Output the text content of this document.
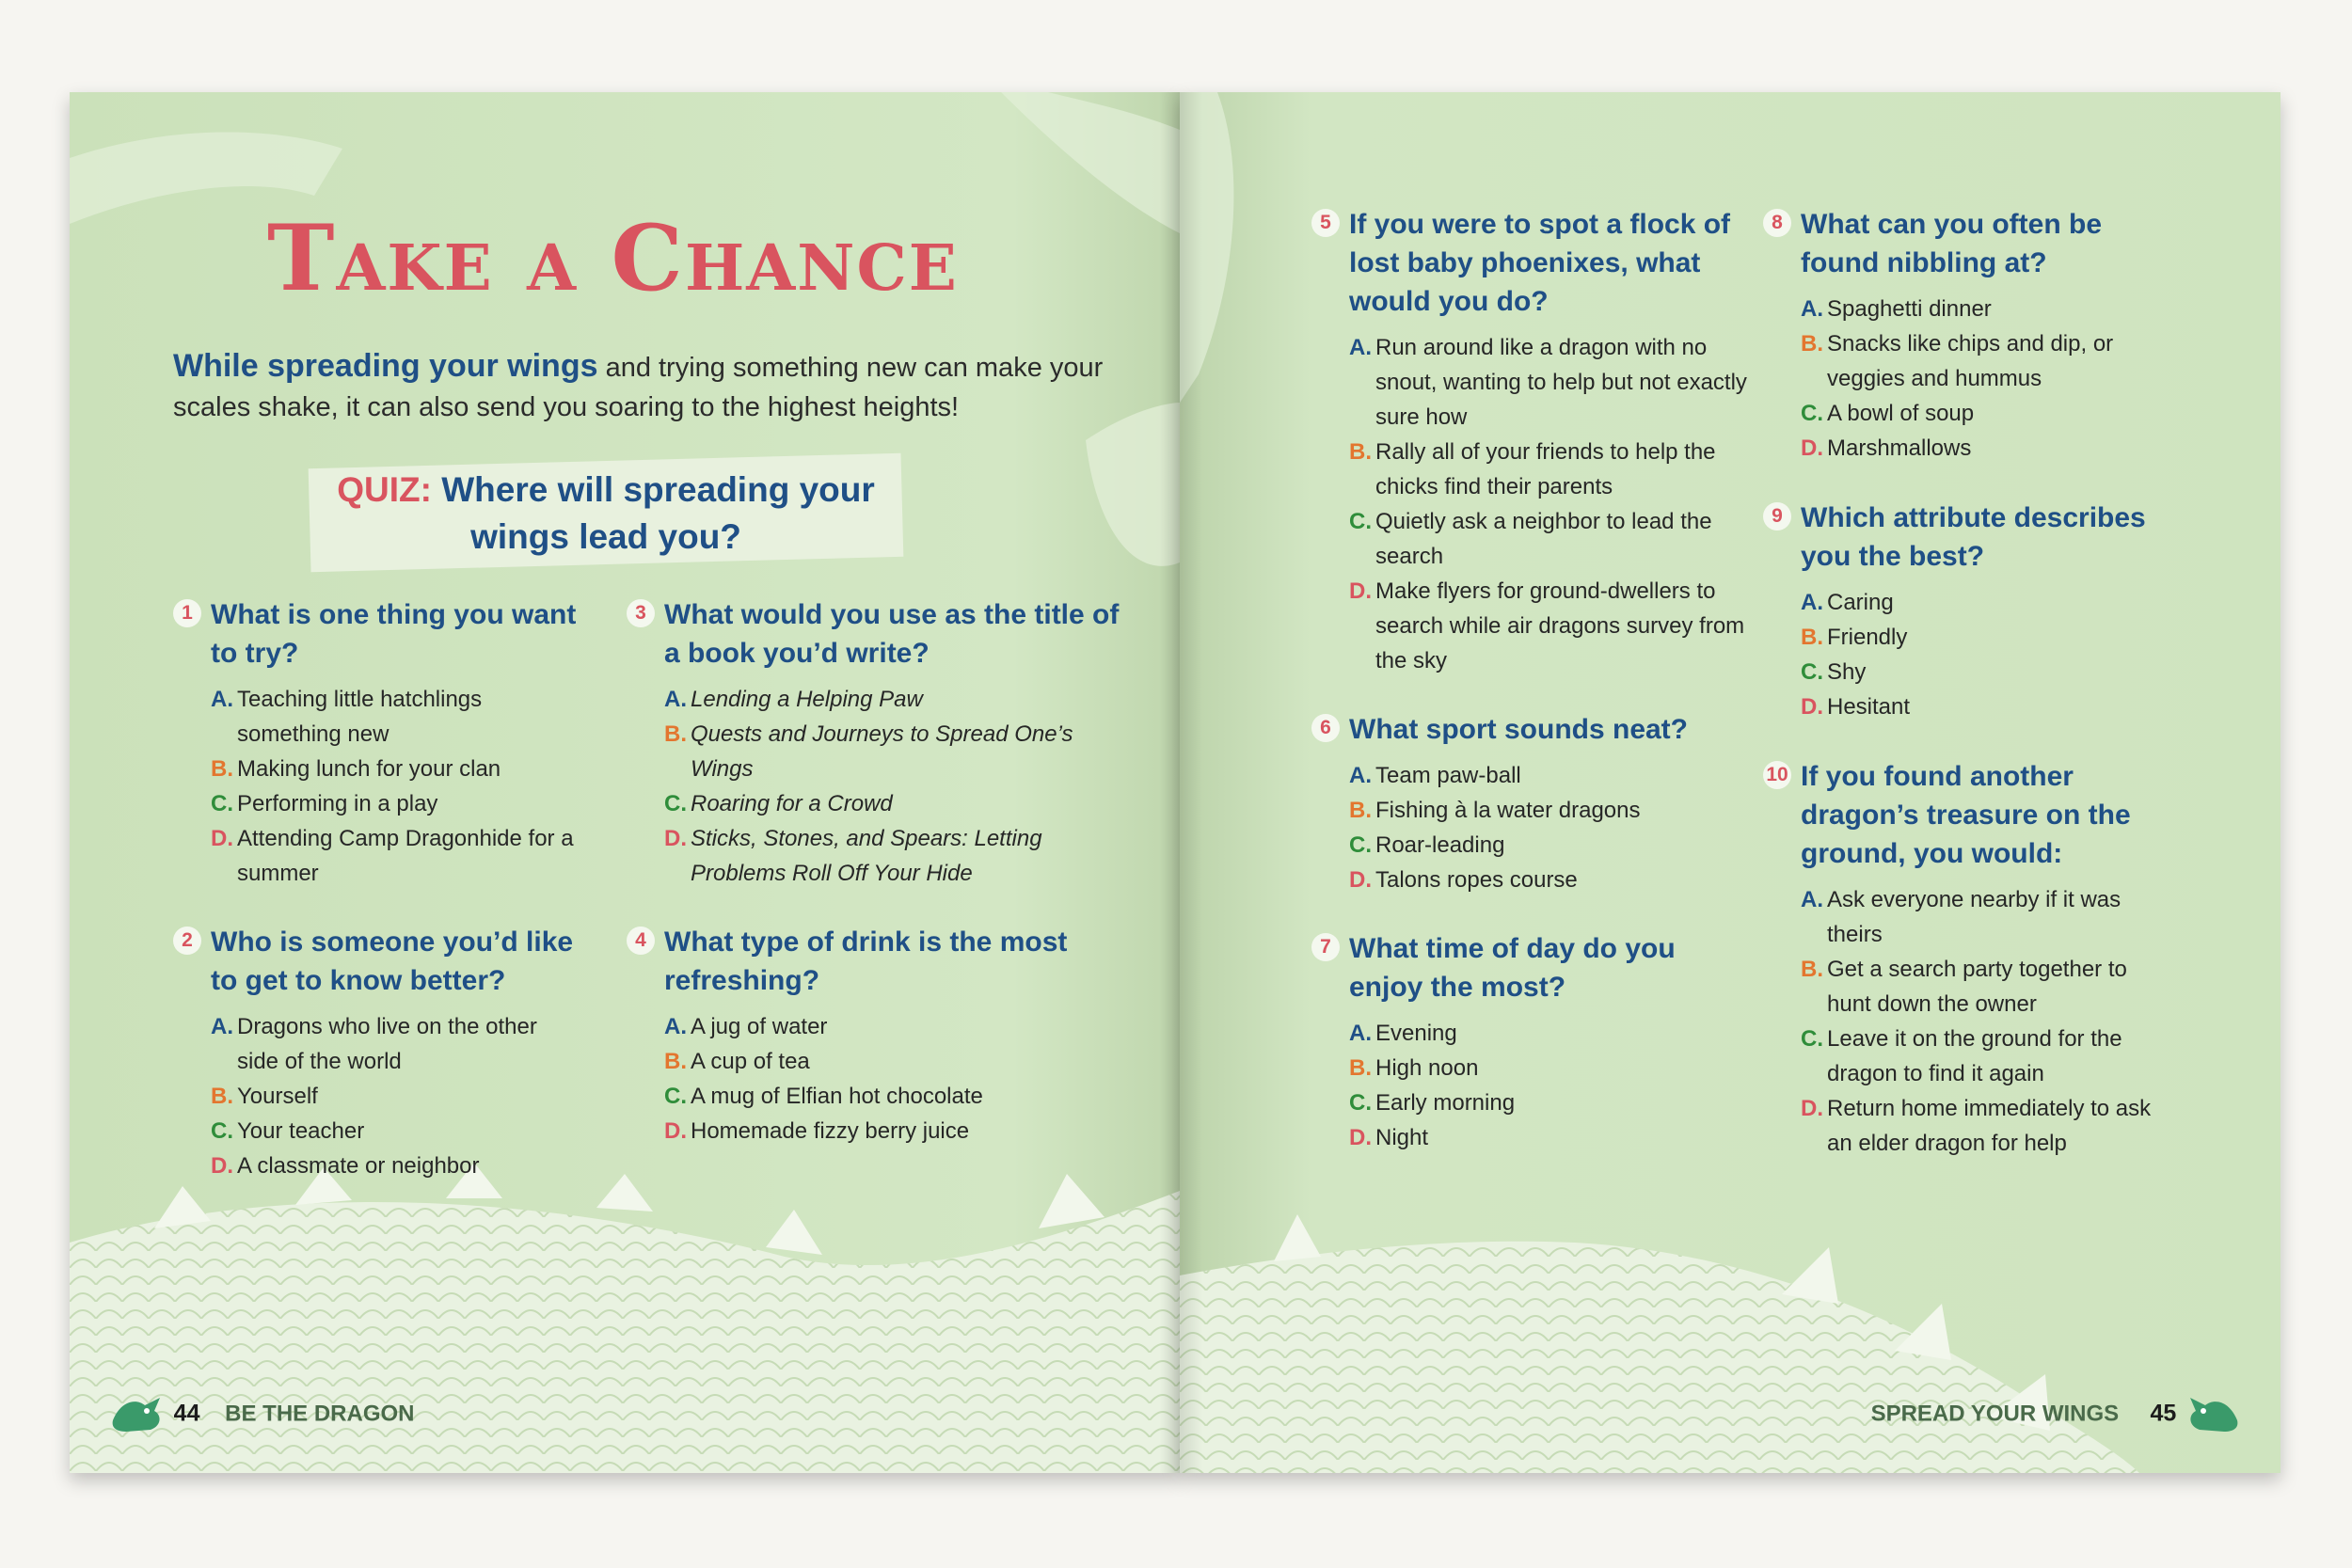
Take a Chance
While spreading your wings and trying something new can make your scales shake, it can also send you soaring to the highest heights!
QUIZ: Where will spreading your wings lead you?
1 What is one thing you want to try?
A. Teaching little hatchlings something new
B. Making lunch for your clan
C. Performing in a play
D. Attending Camp Dragonhide for a summer
2 Who is someone you’d like to get to know better?
A. Dragons who live on the other side of the world
B. Yourself
C. Your teacher
D. A classmate or neighbor
3 What would you use as the title of a book you’d write?
A. Lending a Helping Paw
B. Quests and Journeys to Spread One’s Wings
C. Roaring for a Crowd
D. Sticks, Stones, and Spears: Letting Problems Roll Off Your Hide
4 What type of drink is the most refreshing?
A. A jug of water
B. A cup of tea
C. A mug of Elfian hot chocolate
D. Homemade fizzy berry juice
44 BE THE DRAGON
5 If you were to spot a flock of lost baby phoenixes, what would you do?
A. Run around like a dragon with no snout, wanting to help but not exactly sure how
B. Rally all of your friends to help the chicks find their parents
C. Quietly ask a neighbor to lead the search
D. Make flyers for ground-dwellers to search while air dragons survey from the sky
6 What sport sounds neat?
A. Team paw-ball
B. Fishing à la water dragons
C. Roar-leading
D. Talons ropes course
7 What time of day do you enjoy the most?
A. Evening
B. High noon
C. Early morning
D. Night
8 What can you often be found nibbling at?
A. Spaghetti dinner
B. Snacks like chips and dip, or veggies and hummus
C. A bowl of soup
D. Marshmallows
9 Which attribute describes you the best?
A. Caring
B. Friendly
C. Shy
D. Hesitant
10 If you found another dragon’s treasure on the ground, you would:
A. Ask everyone nearby if it was theirs
B. Get a search party together to hunt down the owner
C. Leave it on the ground for the dragon to find it again
D. Return home immediately to ask an elder dragon for help
SPREAD YOUR WINGS 45
